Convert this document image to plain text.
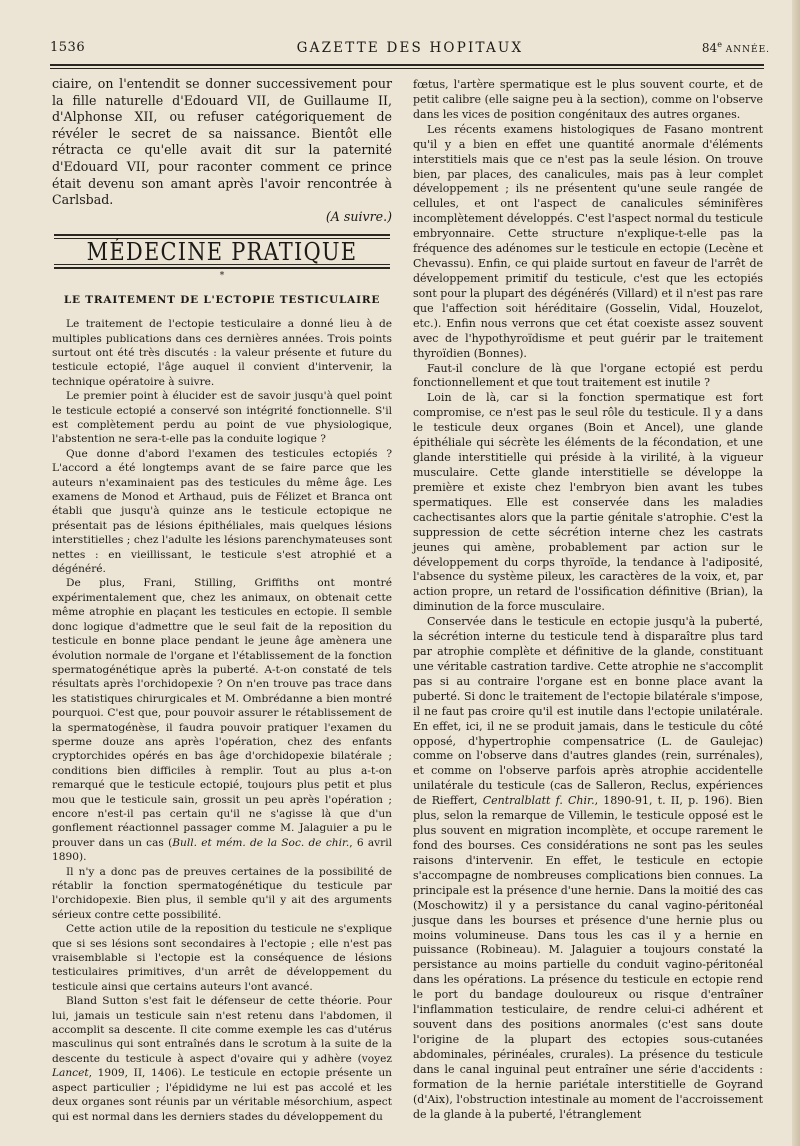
1536	GAZETTE DES HOPITAUX	84e ANNÉE.

ciaire, on l'entendit se donner successivement pour la fille naturelle d'Edouard VII, de Guillaume II, d'Alphonse XII, ou refuser catégoriquement de révéler le secret de sa naissance. Bientôt elle rétracta ce qu'elle avait dit sur la paternité d'Edouard VII, pour raconter comment ce prince était devenu son amant après l'avoir rencontrée à Carlsbad.
(A suivre.)

MÉDECINE PRATIQUE
*
LE TRAITEMENT DE L'ECTOPIE TESTICULAIRE

Le traitement de l'ectopie testiculaire a donné lieu à de multiples publications dans ces dernières années. Trois points surtout ont été très discutés : la valeur présente et future du testicule ectopié, l'âge auquel il convient d'intervenir, la technique opératoire à suivre.

Le premier point à élucider est de savoir jusqu'à quel point le testicule ectopié a conservé son intégrité fonctionnelle. S'il est complètement perdu au point de vue physiologique, l'abstention ne sera-t-elle pas la conduite logique ?

Que donne d'abord l'examen des testicules ectopiés ? L'accord a été longtemps avant de se faire parce que les auteurs n'examinaient pas des testicules du même âge. Les examens de Monod et Arthaud, puis de Félizet et Branca ont établi que jusqu'à quinze ans le testicule ectopique ne présentait pas de lésions épithéliales, mais quelques lésions interstitielles ; chez l'adulte les lésions parenchymateuses sont nettes : en vieillissant, le testicule s'est atrophié et a dégénéré.

De plus, Frani, Stilling, Griffiths ont montré expérimentalement que, chez les animaux, on obtenait cette même atrophie en plaçant les testicules en ectopie. Il semble donc logique d'admettre que le seul fait de la reposition du testicule en bonne place pendant le jeune âge amènera une évolution normale de l'organe et l'établissement de la fonction spermatogénétique après la puberté. A-t-on constaté de tels résultats après l'orchidopexie ? On n'en trouve pas trace dans les statistiques chirurgicales et M. Ombrédanne a bien montré pourquoi. C'est que, pour pouvoir assurer le rétablissement de la spermatogénèse, il faudra pouvoir pratiquer l'examen du sperme douze ans après l'opération, chez des enfants cryptorchides opérés en bas âge d'orchidopexie bilatérale ; conditions bien difficiles à remplir. Tout au plus a-t-on remarqué que le testicule ectopié, toujours plus petit et plus mou que le testicule sain, grossit un peu après l'opération ; encore n'est-il pas certain qu'il ne s'agisse là que d'un gonflement réactionnel passager comme M. Jalaguier a pu le prouver dans un cas (Bull. et mém. de la Soc. de chir., 6 avril 1890).

Il n'y a donc pas de preuves certaines de la possibilité de rétablir la fonction spermatogénétique du testicule par l'orchidopexie. Bien plus, il semble qu'il y ait des arguments sérieux contre cette possibilité.

Cette action utile de la reposition du testicule ne s'explique que si ses lésions sont secondaires à l'ectopie ; elle n'est pas vraisemblable si l'ectopie est la conséquence de lésions testiculaires primitives, d'un arrêt de développement du testicule ainsi que certains auteurs l'ont avancé.

Bland Sutton s'est fait le défenseur de cette théorie. Pour lui, jamais un testicule sain n'est retenu dans l'abdomen, il accomplit sa descente. Il cite comme exemple les cas d'utérus masculinus qui sont entraînés dans le scrotum à la suite de la descente du testicule à aspect d'ovaire qui y adhère (voyez Lancet, 1909, II, 1406). Le testicule en ectopie présente un aspect particulier ; l'épididyme ne lui est pas accolé et les deux organes sont réunis par un véritable mésorchium, aspect qui est normal dans les derniers stades du développement du

fœtus, l'artère spermatique est le plus souvent courte, et de petit calibre (elle saigne peu à la section), comme on l'observe dans les vices de position congénitaux des autres organes.

Les récents examens histologiques de Fasano montrent qu'il y a bien en effet une quantité anormale d'éléments interstitiels mais que ce n'est pas la seule lésion. On trouve bien, par places, des canalicules, mais pas à leur complet développement ; ils ne présentent qu'une seule rangée de cellules, et ont l'aspect de canalicules séminifères incomplètement développés. C'est l'aspect normal du testicule embryonnaire. Cette structure n'explique-t-elle pas la fréquence des adénomes sur le testicule en ectopie (Lecène et Chevassu). Enfin, ce qui plaide surtout en faveur de l'arrêt de développement primitif du testicule, c'est que les ectopiés sont pour la plupart des dégénérés (Villard) et il n'est pas rare que l'affection soit héréditaire (Gosselin, Vidal, Houzelot, etc.). Enfin nous verrons que cet état coexiste assez souvent avec de l'hypothyroïdisme et peut guérir par le traitement thyroïdien (Bonnes).

Faut-il conclure de là que l'organe ectopié est perdu fonctionnellement et que tout traitement est inutile ?

Loin de là, car si la fonction spermatique est fort compromise, ce n'est pas le seul rôle du testicule. Il y a dans le testicule deux organes (Boin et Ancel), une glande épithéliale qui sécrète les éléments de la fécondation, et une glande interstitielle qui préside à la virilité, à la vigueur musculaire. Cette glande interstitielle se développe la première et existe chez l'embryon bien avant les tubes spermatiques. Elle est conservée dans les maladies cachectisantes alors que la partie génitale s'atrophie. C'est la suppression de cette sécrétion interne chez les castrats jeunes qui amène, probablement par action sur le développement du corps thyroïde, la tendance à l'adiposité, l'absence du système pileux, les caractères de la voix, et, par action propre, un retard de l'ossification définitive (Brian), la diminution de la force musculaire.

Conservée dans le testicule en ectopie jusqu'à la puberté, la sécrétion interne du testicule tend à disparaître plus tard par atrophie complète et définitive de la glande, constituant une véritable castration tardive. Cette atrophie ne s'accomplit pas si au contraire l'organe est en bonne place avant la puberté. Si donc le traitement de l'ectopie bilatérale s'impose, il ne faut pas croire qu'il est inutile dans l'ectopie unilatérale. En effet, ici, il ne se produit jamais, dans le testicule du côté opposé, d'hypertrophie compensatrice (L. de Gaulejac) comme on l'observe dans d'autres glandes (rein, surrénales), et comme on l'observe parfois après atrophie accidentelle unilatérale du testicule (cas de Salleron, Reclus, expériences de Rieffert, Centralblatt f. Chir., 1890-91, t. II, p. 196). Bien plus, selon la remarque de Villemin, le testicule opposé est le plus souvent en migration incomplète, et occupe rarement le fond des bourses. Ces considérations ne sont pas les seules raisons d'intervenir. En effet, le testicule en ectopie s'accompagne de nombreuses complications bien connues. La principale est la présence d'une hernie. Dans la moitié des cas (Moschowitz) il y a persistance du canal vagino-péritonéal jusque dans les bourses et présence d'une hernie plus ou moins volumineuse. Dans tous les cas il y a hernie en puissance (Robineau). M. Jalaguier a toujours constaté la persistance au moins partielle du conduit vagino-péritonéal dans les opérations. La présence du testicule en ectopie rend le port du bandage douloureux ou risque d'entraîner l'inflammation testiculaire, de rendre celui-ci adhérent et souvent dans des positions anormales (c'est sans doute l'origine de la plupart des ectopies sous-cutanées abdominales, périnéales, crurales). La présence du testicule dans le canal inguinal peut entraîner une série d'accidents : formation de la hernie pariétale interstitielle de Goyrand (d'Aix), l'obstruction intestinale au moment de l'accroissement de la glande à la puberté, l'étranglement
